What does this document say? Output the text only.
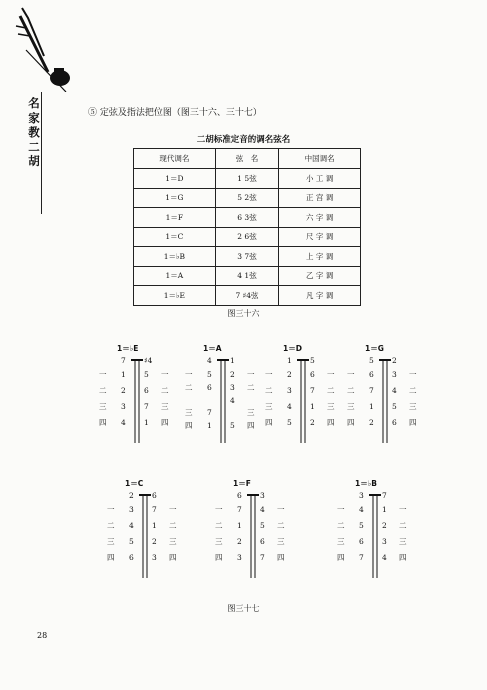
名
家
教
二
胡
⑤ 定弦及指法把位图（图三十六、三十七）
二胡标准定音的调名弦名
现代调名	弦　名	中国调名
1＝D	1 5弦	小 工 调
1＝G	5 2弦	正 宫 调
1＝F	6 3弦	六 字 调
1＝C	2 6弦	尺 字 调
1＝♭B	3 7弦	上 字 调
1＝A	4 1弦	乙 字 调
1＝♭E	7 ♯4弦	凡 字 调
图三十六
1＝♭E
7 ♯4
一 1 5 一
二 2 6 二
三 3 7 三
四 4 1 四
1＝A
4 1
一 5 2 一
二 6 3 二
4
三 7	三
四 1 5 四
1＝D
1 5
一 2 6 一
二 3 7 二
三 4 1 三
四 5 2 四
1＝G
5 2
一 6 3 一
二 7 4 二
三 1 5 三
四 2 6 四
1＝C
2 6
一 3 7 一
二 4 1 二
三 5 2 三
四 6 3 四
1＝F
6 3
一 7 4 一
二 1 5 二
三 2 6 三
四 3 7 四
1＝♭B
3 7
一 4 1 一
二 5 2 二
三 6 3 三
四 7 4 四
图三十七
28
